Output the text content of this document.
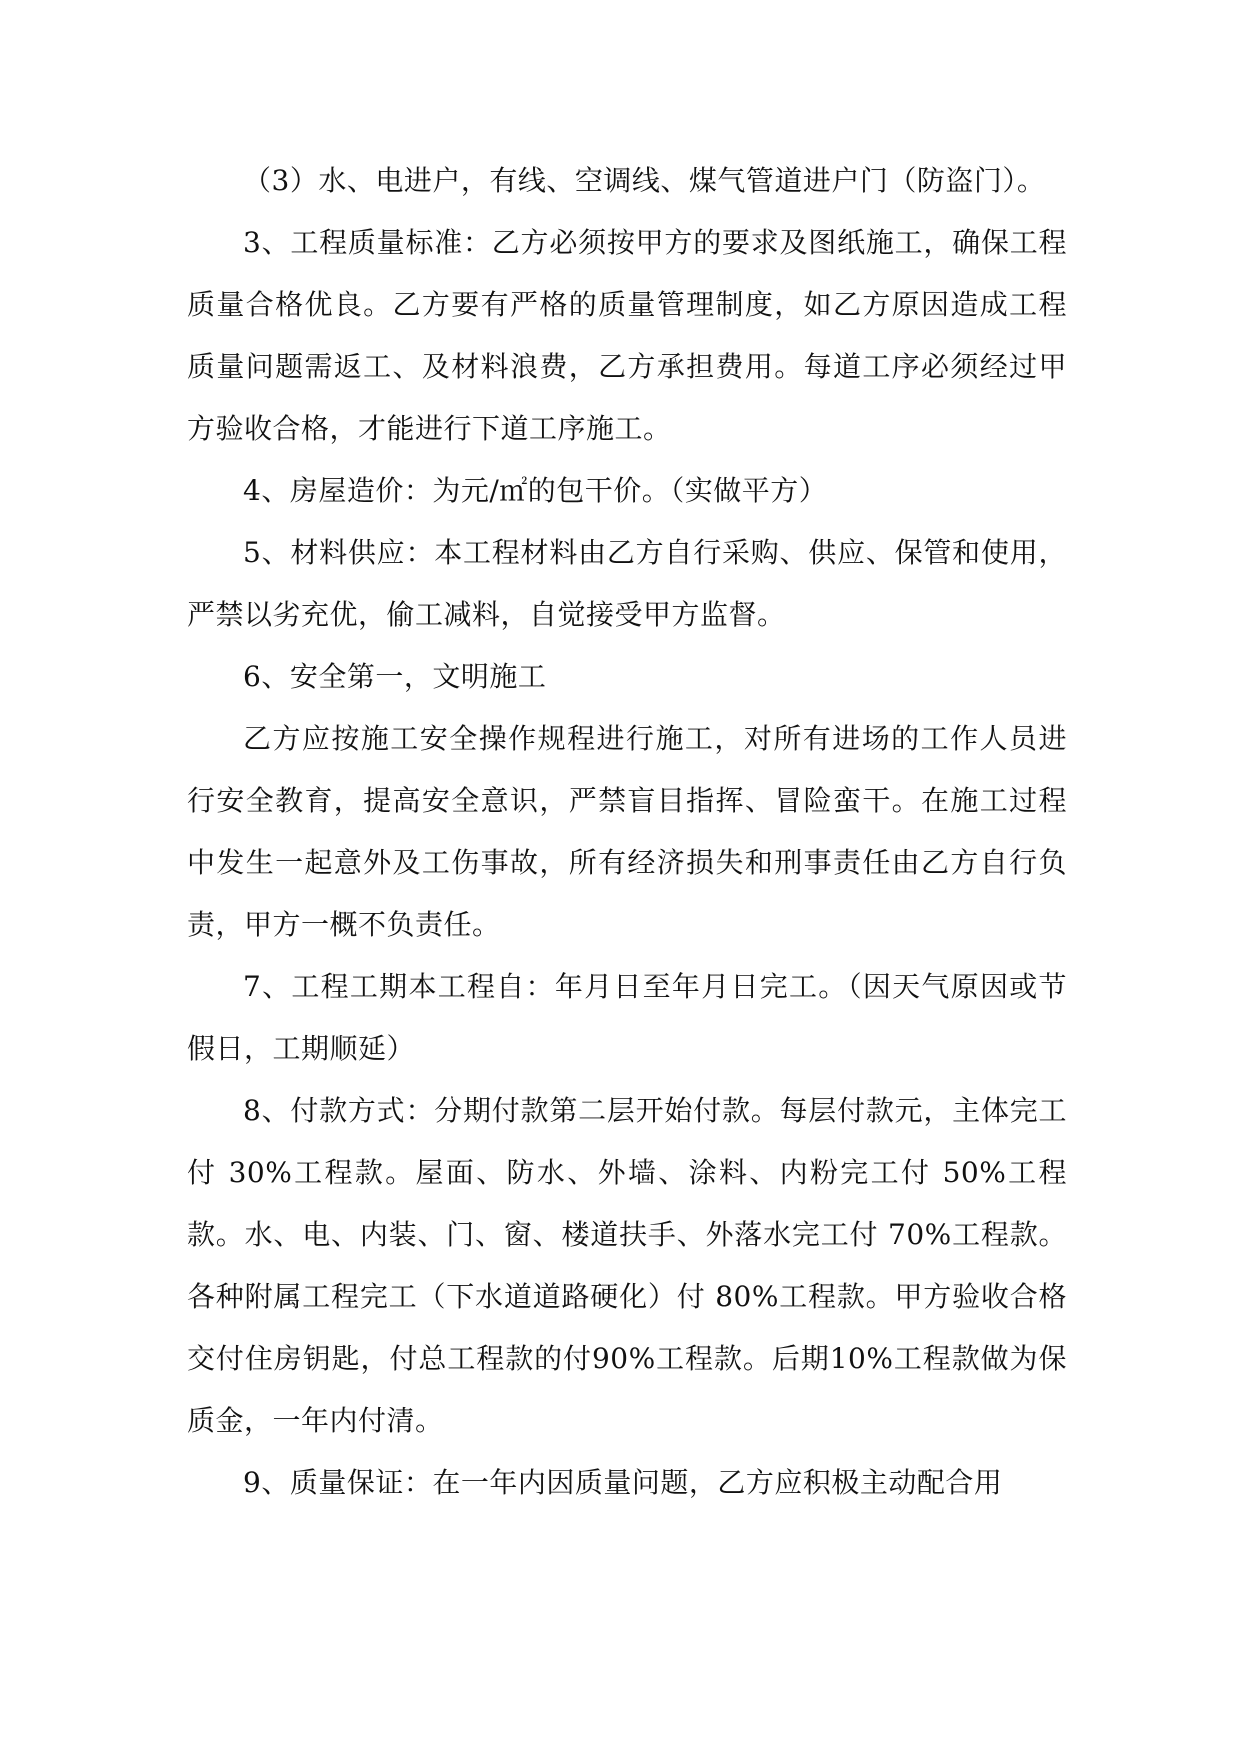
（3）水、电进户，有线、空调线、煤气管道进户门（防盗门）。

3、工程质量标准：乙方必须按甲方的要求及图纸施工，确保工程质量合格优良。乙方要有严格的质量管理制度，如乙方原因造成工程质量问题需返工、及材料浪费，乙方承担费用。每道工序必须经过甲方验收合格，才能进行下道工序施工。

4、房屋造价：为元/㎡的包干价。（实做平方）

5、材料供应：本工程材料由乙方自行采购、供应、保管和使用，严禁以劣充优，偷工减料，自觉接受甲方监督。

6、安全第一，文明施工

乙方应按施工安全操作规程进行施工，对所有进场的工作人员进行安全教育，提高安全意识，严禁盲目指挥、冒险蛮干。在施工过程中发生一起意外及工伤事故，所有经济损失和刑事责任由乙方自行负责，甲方一概不负责任。

7、工程工期本工程自：年月日至年月日完工。（因天气原因或节假日，工期顺延）

8、付款方式：分期付款第二层开始付款。每层付款元，主体完工付 30%工程款。屋面、防水、外墙、涂料、内粉完工付 50%工程款。水、电、内装、门、窗、楼道扶手、外落水完工付 70%工程款。各种附属工程完工（下水道道路硬化）付 80%工程款。甲方验收合格交付住房钥匙，付总工程款的付90%工程款。后期10%工程款做为保质金，一年内付清。

9、质量保证：在一年内因质量问题，乙方应积极主动配合用
